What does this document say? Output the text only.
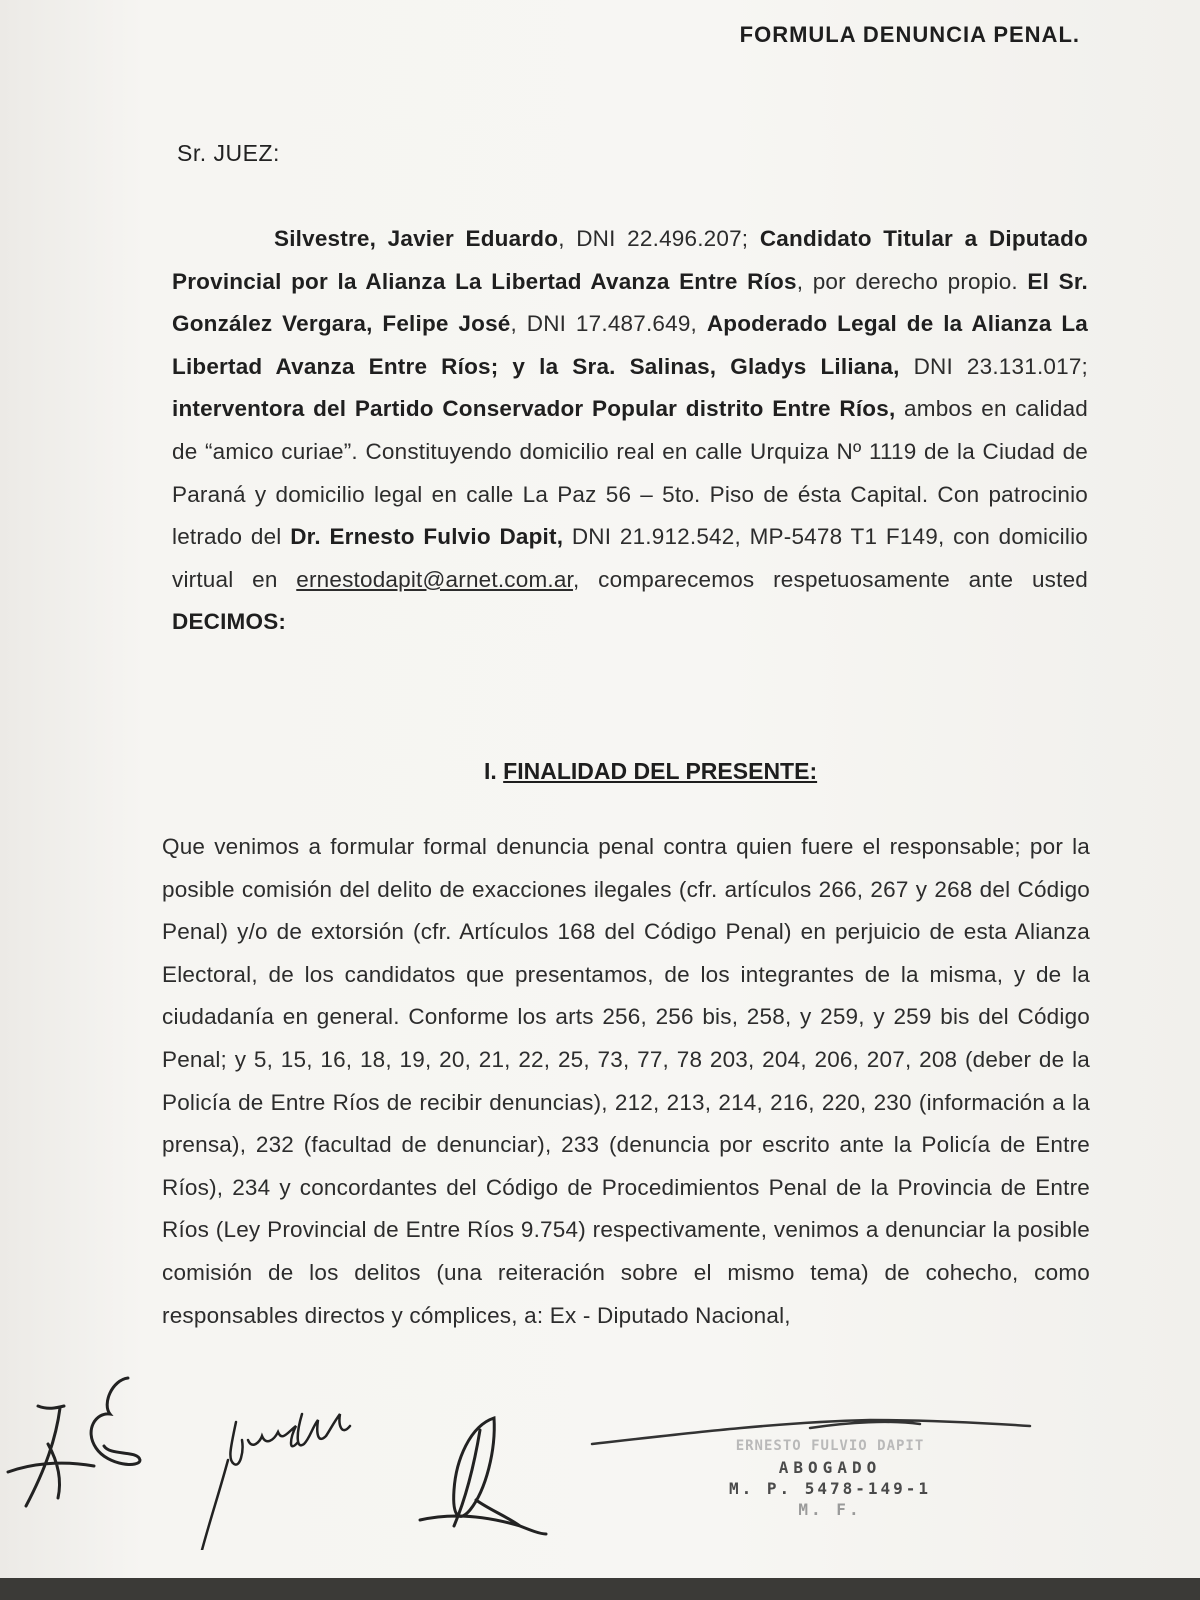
FORMULA DENUNCIA PENAL.
Sr. JUEZ:
Silvestre, Javier Eduardo, DNI 22.496.207; Candidato Titular a Diputado Provincial por la Alianza La Libertad Avanza Entre Ríos, por derecho propio. El Sr. González Vergara, Felipe José, DNI 17.487.649, Apoderado Legal de la Alianza La Libertad Avanza Entre Ríos; y la Sra. Salinas, Gladys Liliana, DNI 23.131.017; interventora del Partido Conservador Popular distrito Entre Ríos, ambos en calidad de “amico curiae”. Constituyendo domicilio real en calle Urquiza Nº 1119 de la Ciudad de Paraná y domicilio legal en calle La Paz 56 – 5to. Piso de ésta Capital. Con patrocinio letrado del Dr. Ernesto Fulvio Dapit, DNI 21.912.542, MP-5478 T1 F149, con domicilio virtual en ernestodapit@arnet.com.ar, comparecemos respetuosamente ante usted DECIMOS:
I. FINALIDAD DEL PRESENTE:
Que venimos a formular formal denuncia penal contra quien fuere el responsable; por la posible comisión del delito de exacciones ilegales (cfr. artículos 266, 267 y 268 del Código Penal) y/o de extorsión (cfr. Artículos 168 del Código Penal) en perjuicio de esta Alianza Electoral, de los candidatos que presentamos, de los integrantes de la misma, y de la ciudadanía en general. Conforme los arts 256, 256 bis, 258, y 259, y 259 bis del Código Penal; y 5, 15, 16, 18, 19, 20, 21, 22, 25, 73, 77, 78 203, 204, 206, 207, 208 (deber de la Policía de Entre Ríos de recibir denuncias), 212, 213, 214, 216, 220, 230 (información a la prensa), 232 (facultad de denunciar), 233 (denuncia por escrito ante la Policía de Entre Ríos), 234 y concordantes del Código de Procedimientos Penal de la Provincia de Entre Ríos (Ley Provincial de Entre Ríos 9.754) respectivamente, venimos a denunciar la posible comisión de los delitos (una reiteración sobre el mismo tema) de cohecho, como responsables directos y cómplices, a: Ex - Diputado Nacional,
ERNESTO FULVIO DAPIT
ABOGADO
M. P. 5478-149-1
M. F.
